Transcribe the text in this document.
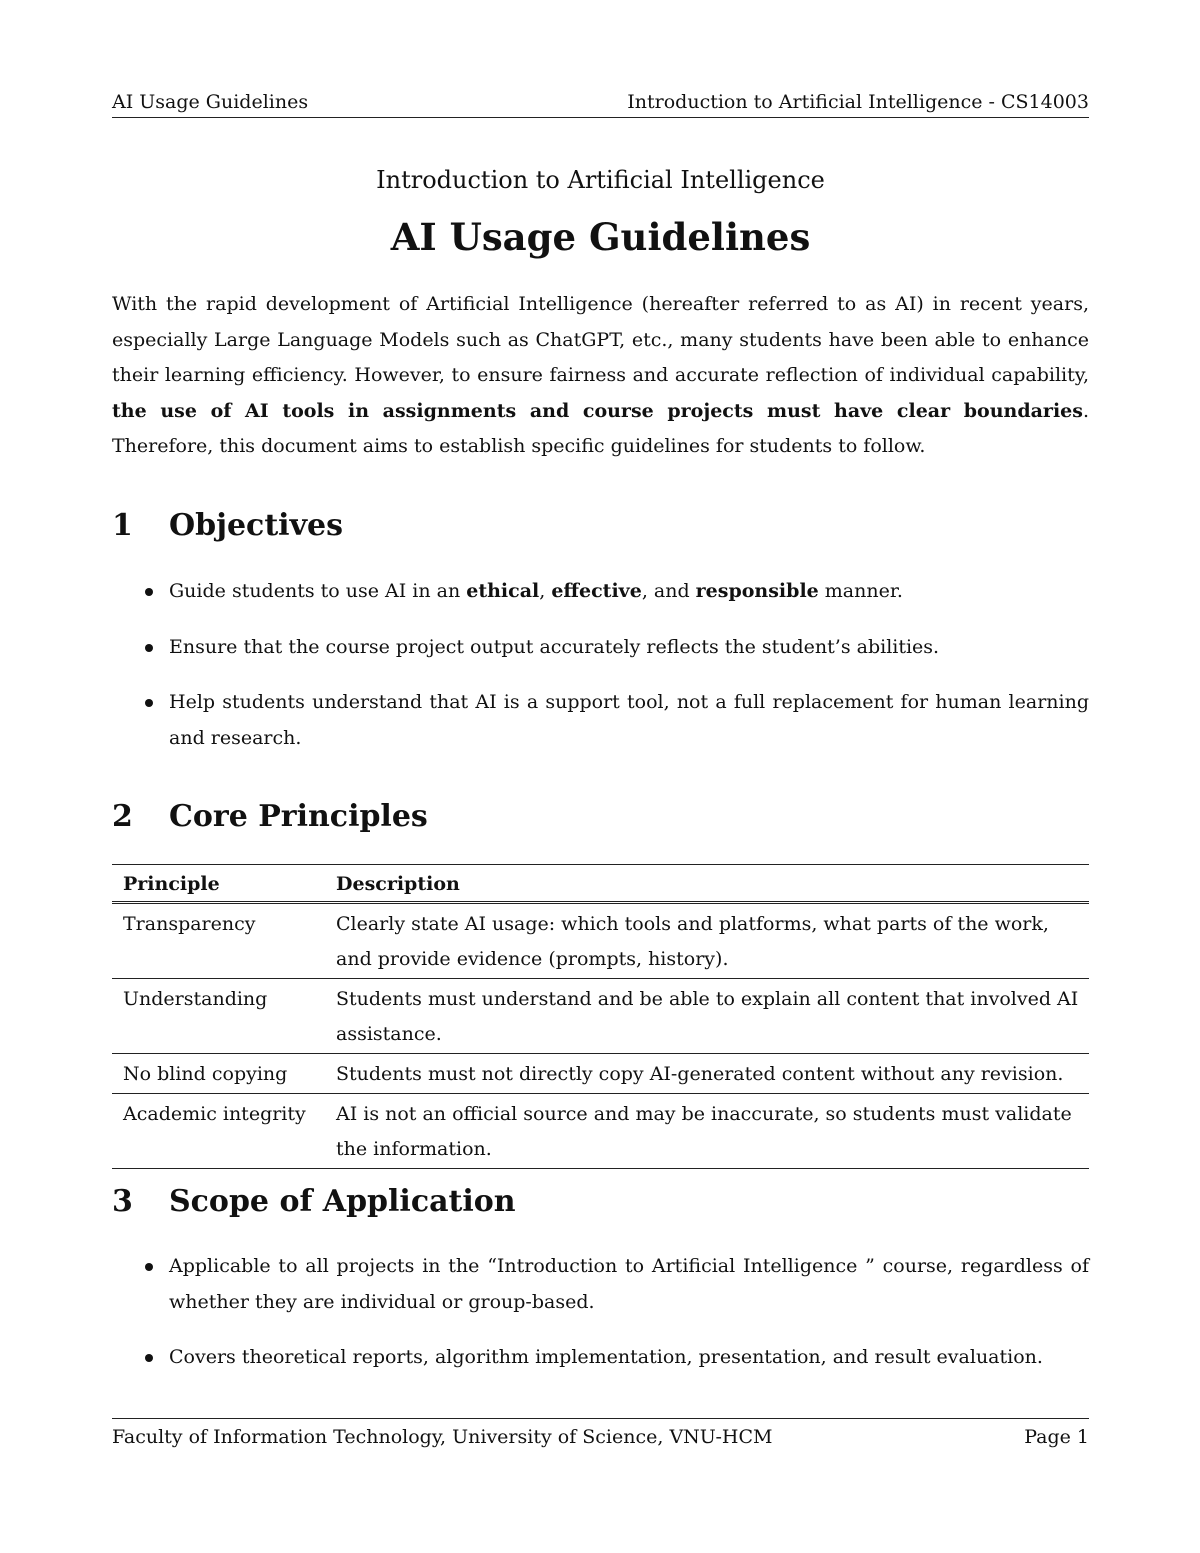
AI Usage Guidelines	Introduction to Artificial Intelligence - CS14003
Introduction to Artificial Intelligence
AI Usage Guidelines

With the rapid development of Artificial Intelligence (hereafter referred to as AI) in recent years, especially Large Language Models such as ChatGPT, etc., many students have been able to enhance their learning efficiency. However, to ensure fairness and accurate reflection of individual capability, the use of AI tools in assignments and course projects must have clear boundaries. Therefore, this document aims to establish specific guidelines for students to follow.

1 Objectives
Guide students to use AI in an ethical, effective, and responsible manner.
Ensure that the course project output accurately reflects the student’s abilities.
Help students understand that AI is a support tool, not a full replacement for human learning and research.
2 Core Principles
Principle	Description
Transparency	Clearly state AI usage: which tools and platforms, what parts of the work, and provide evidence (prompts, history).
Understanding	Students must understand and be able to explain all content that involved AI assistance.
No blind copying	Students must not directly copy AI-generated content without any revision.
Academic integrity	AI is not an official source and may be inaccurate, so students must validate the information.
3 Scope of Application
Applicable to all projects in the “Introduction to Artificial Intelligence ” course, regardless of whether they are individual or group-based.
Covers theoretical reports, algorithm implementation, presentation, and result evaluation.
Faculty of Information Technology, University of Science, VNU-HCM	Page 1
